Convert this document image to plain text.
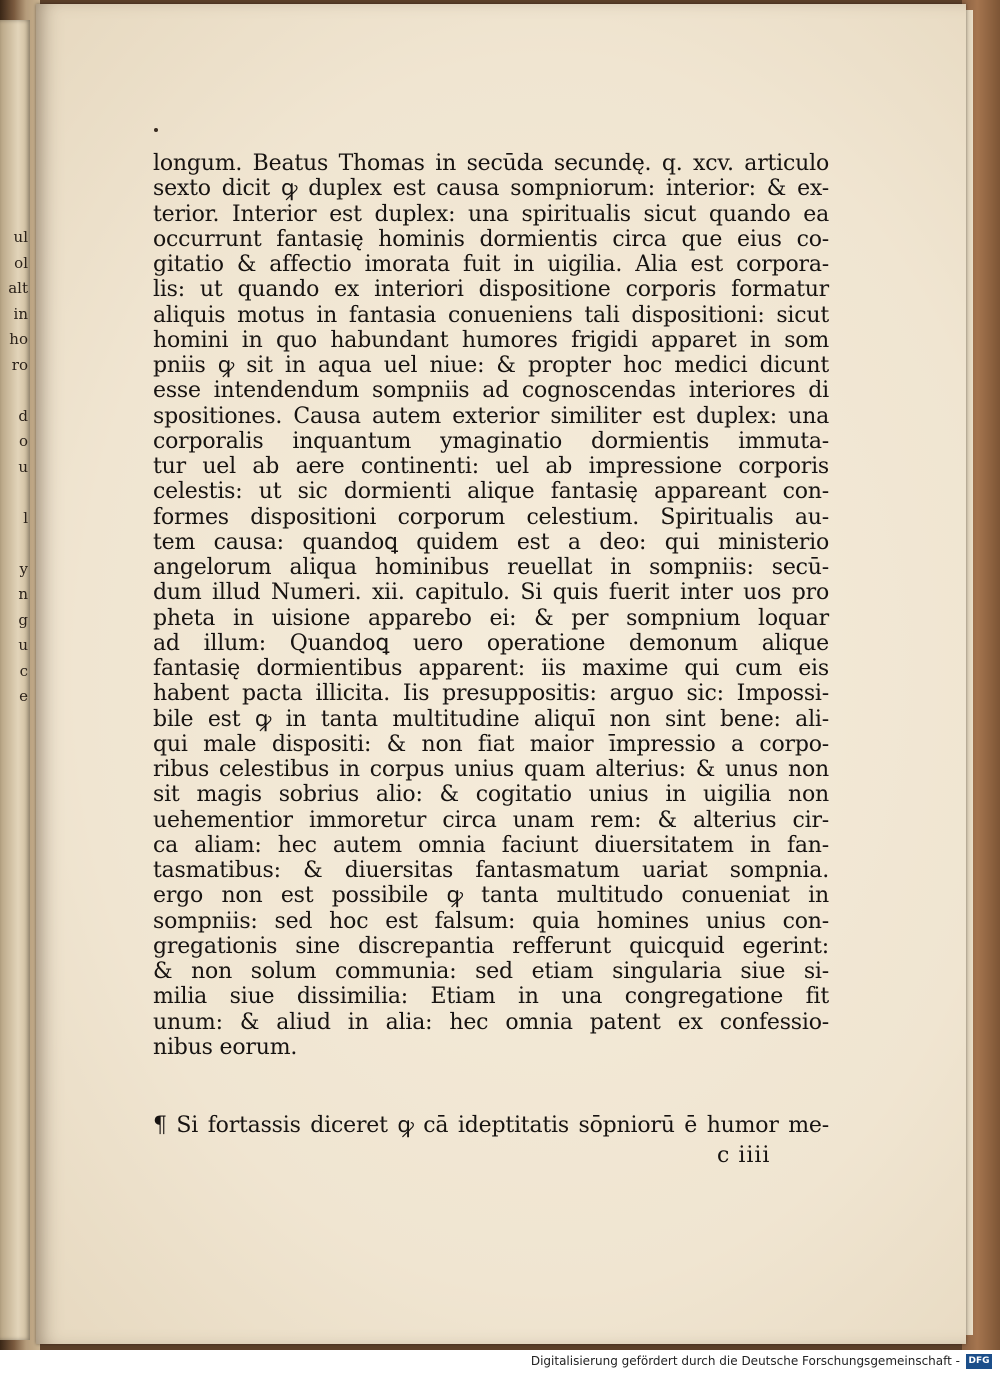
ul
ol
alt
in
ho
ro

d
o
u

l

y
n
g
u
c
e
longum. Beatus Thomas in secūda secundę. q. xcv. articulo
sexto dicit ꝙ duplex est causa sompniorum: interior: & ex-
terior. Interior est duplex: una spiritualis sicut quando ea
occurrunt fantasię hominis dormientis circa que eius co-
gitatio & affectio imorata fuit in uigilia. Alia est corpora-
lis: ut quando ex interiori dispositione corporis formatur
aliquis motus in fantasia conueniens tali dispositioni: sicut
homini in quo habundant humores frigidi apparet in som
pniis ꝙ sit in aqua uel niue: & propter hoc medici dicunt
esse intendendum sompniis ad cognoscendas interiores di
spositiones. Causa autem exterior similiter est duplex: una
corporalis inquantum ymaginatio dormientis immuta-
tur uel ab aere continenti: uel ab impressione corporis
celestis: ut sic dormienti alique fantasię appareant con-
formes dispositioni corporum celestium. Spiritualis au-
tem causa: quandoꝗ quidem est a deo: qui ministerio
angelorum aliqua hominibus reuellat in sompniis: secū-
dum illud Numeri. xii. capitulo. Si quis fuerit inter uos pro
pheta in uisione apparebo ei: & per sompnium loquar
ad illum: Quandoꝗ uero operatione demonum alique
fantasię dormientibus apparent: iis maxime qui cum eis
habent pacta illicita. Iis presuppositis: arguo sic: Impossi-
bile est ꝙ in tanta multitudine aliquī non sint bene: ali-
qui male dispositi: & non fiat maior īmpressio a corpo-
ribus celestibus in corpus unius quam alterius: & unus non
sit magis sobrius alio: & cogitatio unius in uigilia non
uehementior immoretur circa unam rem: & alterius cir-
ca aliam: hec autem omnia faciunt diuersitatem in fan-
tasmatibus: & diuersitas fantasmatum uariat sompnia.
ergo non est possibile ꝙ tanta multitudo conueniat in
sompniis: sed hoc est falsum: quia homines unius con-
gregationis sine discrepantia refferunt quicquid egerint:
& non solum communia: sed etiam singularia siue si-
milia siue dissimilia: Etiam in una congregatione fit
unum: & aliud in alia: hec omnia patent ex confessio-
nibus eorum.
¶ Si fortassis diceret ꝙ cā ideptitatis sōpniorū ē humor me-
c iiii
Digitalisierung gefördert durch die Deutsche Forschungsgemeinschaft - DFG
